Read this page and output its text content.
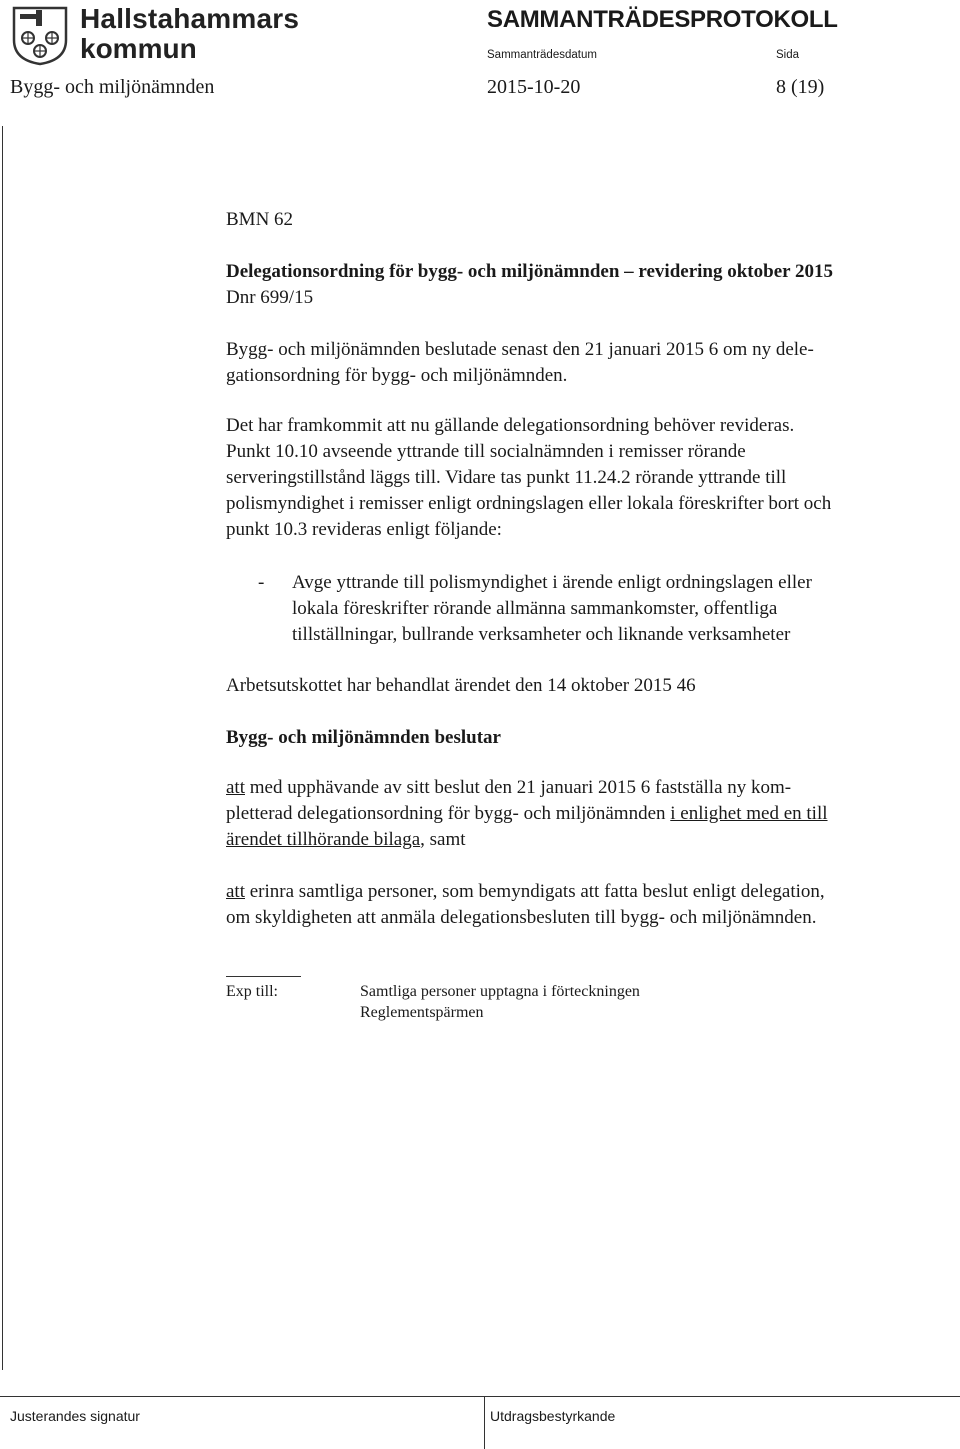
Hallstahammars
kommun
SAMMANTRÄDESPROTOKOLL
Sammanträdesdatum	Sida
Bygg- och miljönämnden	2015-10-20	8 (19)
BMN 62
Delegationsordning för bygg- och miljönämnden – revidering oktober 2015
Dnr 699/15

Bygg- och miljönämnden beslutade senast den 21 januari 2015 6 om ny dele-

gationsordning för bygg- och miljönämnden.

Det har framkommit att nu gällande delegationsordning behöver revideras.

Punkt 10.10 avseende yttrande till socialnämnden i remisser rörande

serveringstillstånd läggs till. Vidare tas punkt 11.24.2 rörande yttrande till

polismyndighet i remisser enligt ordningslagen eller lokala föreskrifter bort och

punkt 10.3 revideras enligt följande:

- Avge yttrande till polismyndighet i ärende enligt ordningslagen eller

lokala föreskrifter rörande allmänna sammankomster, offentliga

tillställningar, bullrande verksamheter och liknande verksamheter

Arbetsutskottet har behandlat ärendet den 14 oktober 2015 46
Bygg- och miljönämnden beslutar

att med upphävande av sitt beslut den 21 januari 2015 6 fastställa ny kom-

pletterad delegationsordning för bygg- och miljönämnden i enlighet med en till

ärendet tillhörande bilaga, samt

att erinra samtliga personer, som bemyndigats att fatta beslut enligt delegation,

om skyldigheten att anmäla delegationsbesluten till bygg- och miljönämnden.

Exp till:	Samtliga personer upptagna i förteckningen
Reglementspärmen
Justerandes signatur	Utdragsbestyrkande
